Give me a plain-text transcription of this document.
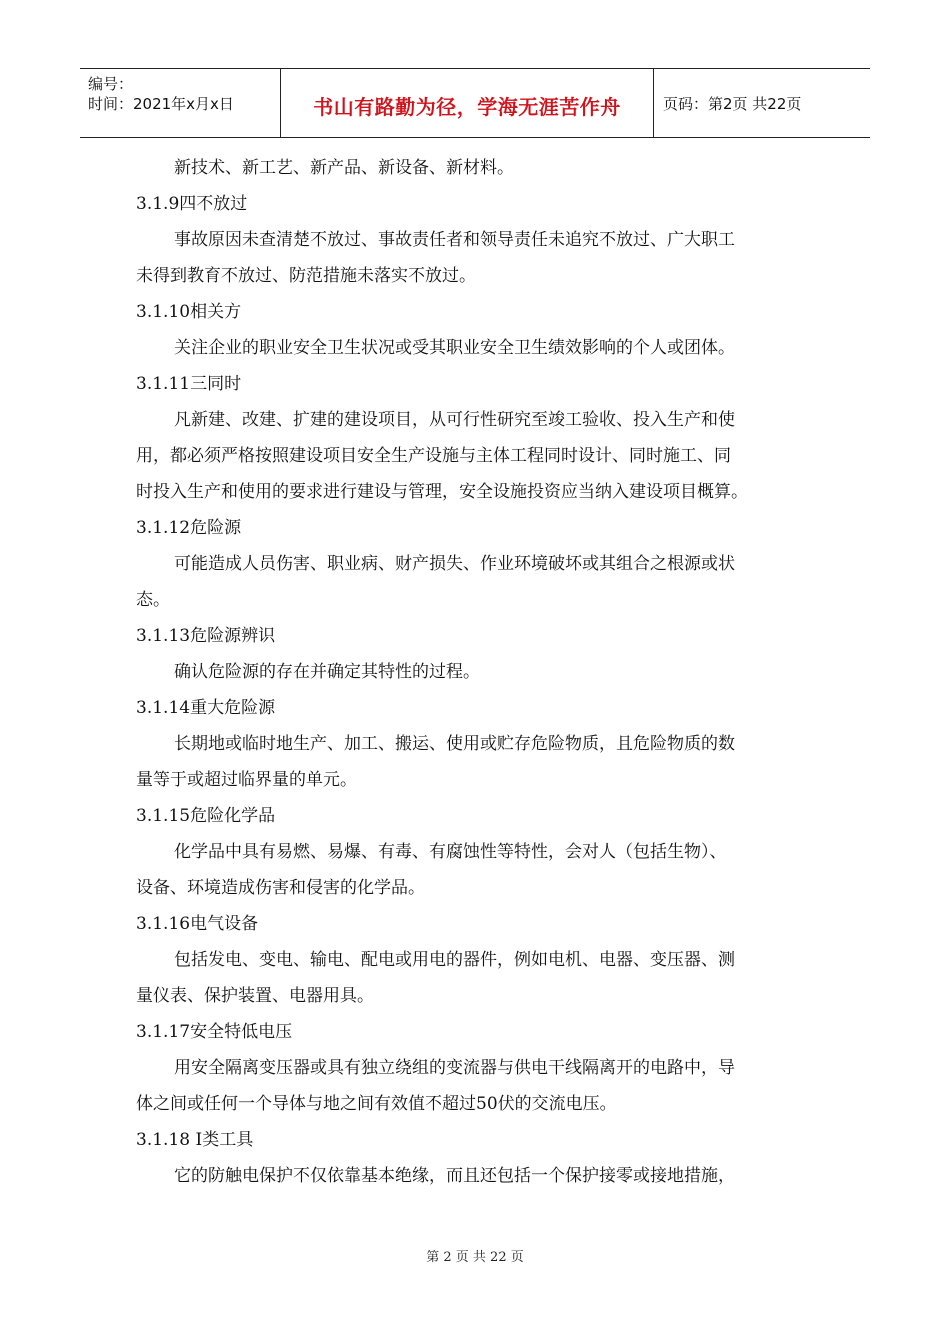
编号：
时间：2021年x月x日	书山有路勤为径，学海无涯苦作舟	页码：第2页 共22页
新技术、新工艺、新产品、新设备、新材料。
3.1.9四不放过
事故原因未查清楚不放过、事故责任者和领导责任未追究不放过、广大职工
未得到教育不放过、防范措施未落实不放过。
3.1.10相关方
关注企业的职业安全卫生状况或受其职业安全卫生绩效影响的个人或团体。
3.1.11三同时
凡新建、改建、扩建的建设项目，从可行性研究至竣工验收、投入生产和使
用，都必须严格按照建设项目安全生产设施与主体工程同时设计、同时施工、同
时投入生产和使用的要求进行建设与管理，安全设施投资应当纳入建设项目概算。
3.1.12危险源
可能造成人员伤害、职业病、财产损失、作业环境破坏或其组合之根源或状
态。
3.1.13危险源辨识
确认危险源的存在并确定其特性的过程。
3.1.14重大危险源
长期地或临时地生产、加工、搬运、使用或贮存危险物质，且危险物质的数
量等于或超过临界量的单元。
3.1.15危险化学品
化学品中具有易燃、易爆、有毒、有腐蚀性等特性，会对人（包括生物）、
设备、环境造成伤害和侵害的化学品。
3.1.16电气设备
包括发电、变电、输电、配电或用电的器件，例如电机、电器、变压器、测
量仪表、保护装置、电器用具。
3.1.17安全特低电压
用安全隔离变压器或具有独立绕组的变流器与供电干线隔离开的电路中，导
体之间或任何一个导体与地之间有效值不超过50伏的交流电压。
3.1.18 Ⅰ类工具
它的防触电保护不仅依靠基本绝缘，而且还包括一个保护接零或接地措施，
第 2 页 共 22 页
